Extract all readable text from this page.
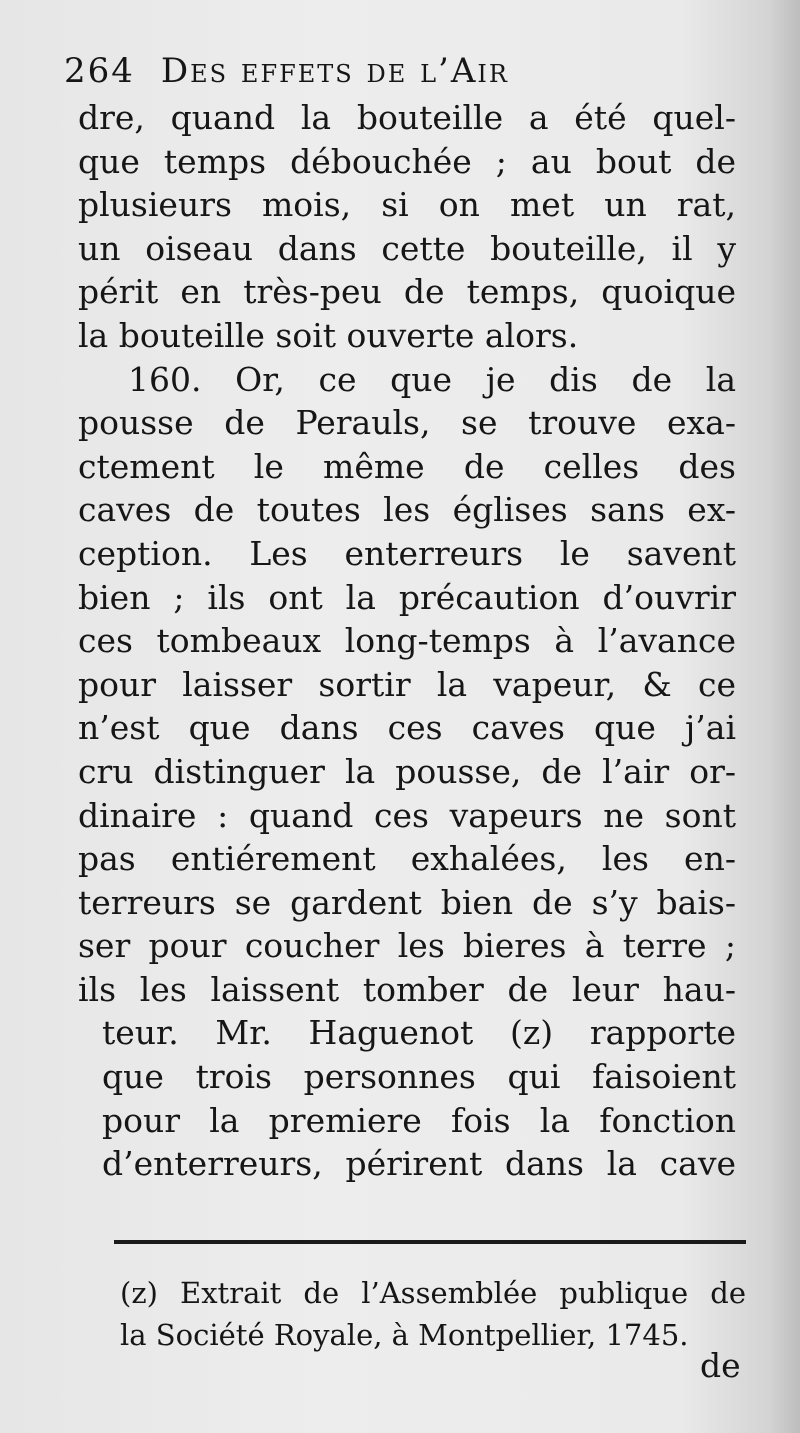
264 Des effets de l’Air
dre, quand la bouteille a été quel-
que temps débouchée ; au bout de
plusieurs mois, si on met un rat,
un oiseau dans cette bouteille, il y
périt en très-peu de temps, quoique
la bouteille soit ouverte alors.
160. Or, ce que je dis de la
pousse de Perauls, se trouve exa-
ctement le même de celles des
caves de toutes les églises sans ex-
ception. Les enterreurs le savent
bien ; ils ont la précaution d’ouvrir
ces tombeaux long-temps à l’avance
pour laisser sortir la vapeur, & ce
n’est que dans ces caves que j’ai
cru distinguer la pousse, de l’air or-
dinaire : quand ces vapeurs ne sont
pas entiérement exhalées, les en-
terreurs se gardent bien de s’y bais-
ser pour coucher les bieres à terre ;
ils les laissent tomber de leur hau-
teur. Mr. Haguenot (z) rapporte
que trois personnes qui faisoient
pour la premiere fois la fonction
d’enterreurs, périrent dans la cave
(z) Extrait de l’Assemblée publique de
la Société Royale, à Montpellier, 1745.
de
